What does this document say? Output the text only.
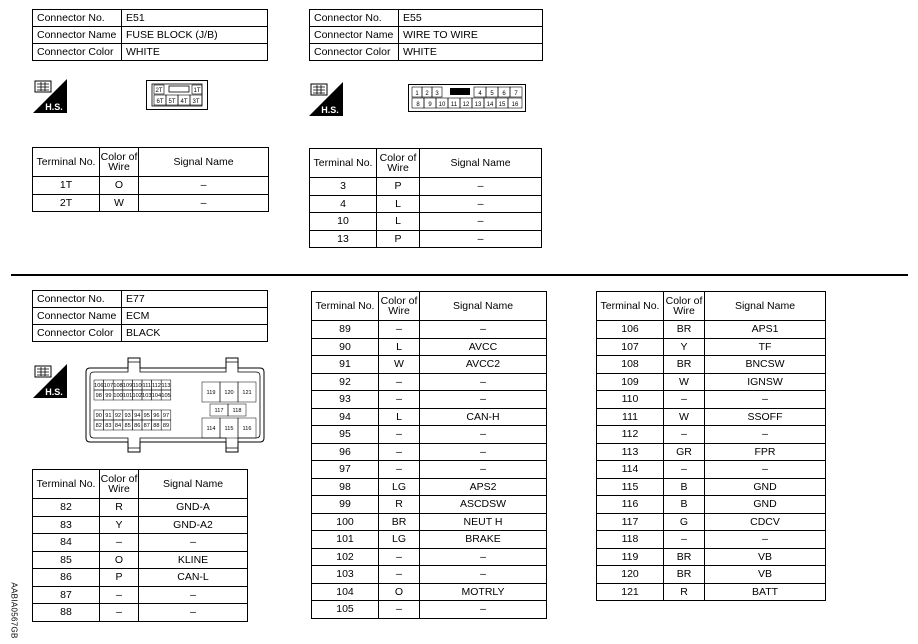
Connector No.	E51
Connector Name	FUSE BLOCK (J/B)
Connector Color	WHITE
H.S.
2T	1T
6T 5T 4T 3T
Terminal No.	Color of Wire	Signal Name
1T	O	–
2T	W	–
Connector No.	E55
Connector Name	WIRE TO WIRE
Connector Color	WHITE
H.S.
1 2 3	4 5 6 7
8 9 10 11 12 13 14 15 16
Terminal No.	Color of Wire	Signal Name
3	P	–
4	L	–
10	L	–
13	P	–
Connector No.	E77
Connector Name	ECM
Connector Color	BLACK
H.S.
106 107 108 109 110 111 112 113
98 99 100 101 102 103 104 105
90 91 92 93 94 95 96 97
82 83 84 85 86 87 88 89
119 120 121
117 118
114 115 116
Terminal No.	Color of Wire	Signal Name
82	R	GND-A
83	Y	GND-A2
84	–	–
85	O	KLINE
86	P	CAN-L
87	–	–
88	–	–
Terminal No.	Color of Wire	Signal Name
89	–	–
90	L	AVCC
91	W	AVCC2
92	–	–
93	–	–
94	L	CAN-H
95	–	–
96	–	–
97	–	–
98	LG	APS2
99	R	ASCDSW
100	BR	NEUT H
101	LG	BRAKE
102	–	–
103	–	–
104	O	MOTRLY
105	–	–
Terminal No.	Color of Wire	Signal Name
106	BR	APS1
107	Y	TF
108	BR	BNCSW
109	W	IGNSW
110	–	–
111	W	SSOFF
112	–	–
113	GR	FPR
114	–	–
115	B	GND
116	B	GND
117	G	CDCV
118	–	–
119	BR	VB
120	BR	VB
121	R	BATT
AABIA0567GB
